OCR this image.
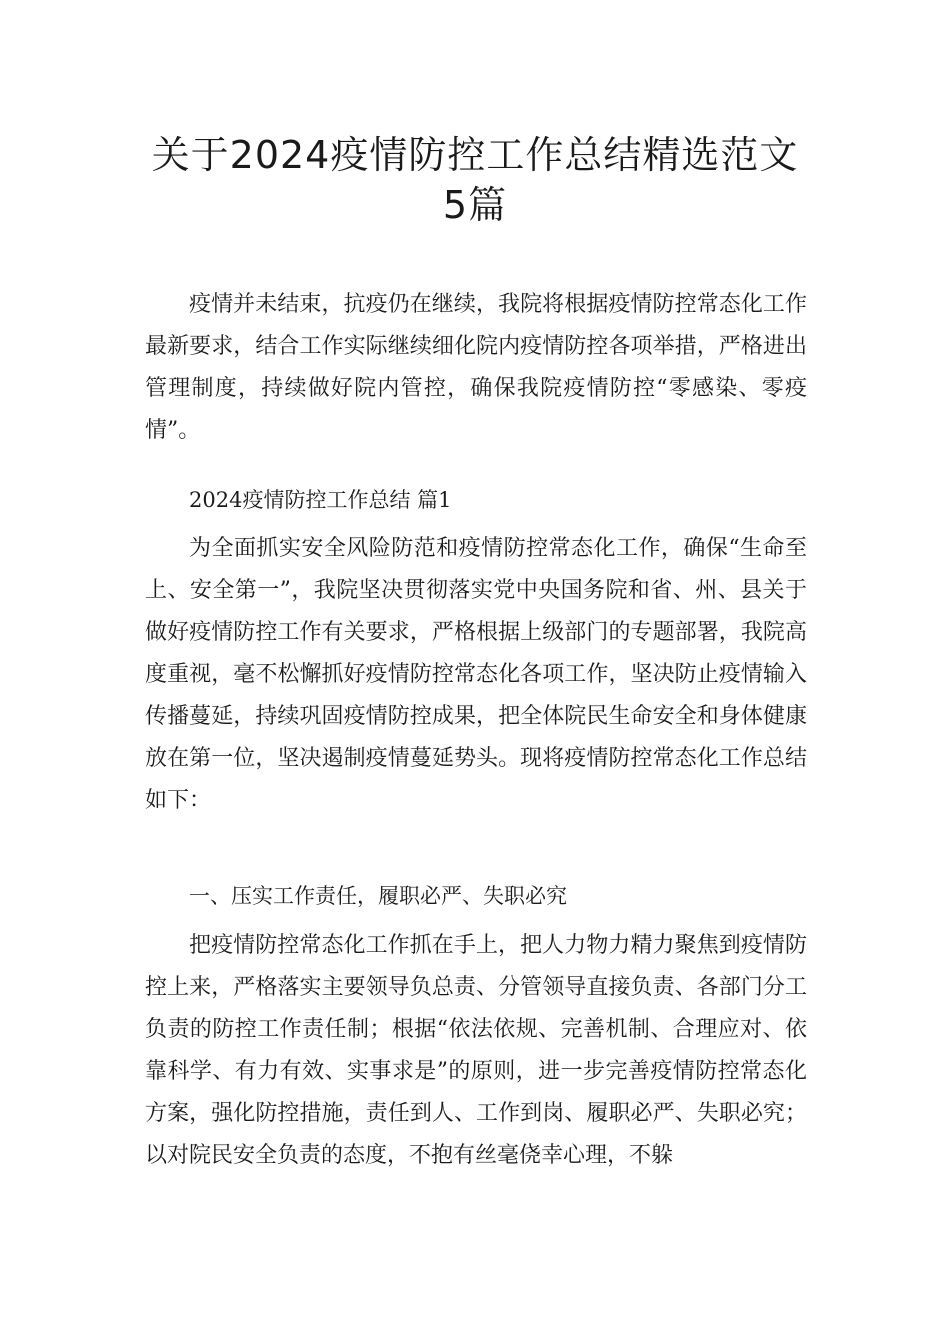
关于2024疫情防控工作总结精选范文5篇

疫情并未结束，抗疫仍在继续，我院将根据疫情防控常态化工作最新要求，结合工作实际继续细化院内疫情防控各项举措，严格进出管理制度，持续做好院内管控，确保我院疫情防控“零感染、零疫情”。

2024疫情防控工作总结 篇1

为全面抓实安全风险防范和疫情防控常态化工作，确保“生命至上、安全第一”，我院坚决贯彻落实党中央国务院和省、州、县关于做好疫情防控工作有关要求，严格根据上级部门的专题部署，我院高度重视，毫不松懈抓好疫情防控常态化各项工作，坚决防止疫情输入传播蔓延，持续巩固疫情防控成果，把全体院民生命安全和身体健康放在第一位，坚决遏制疫情蔓延势头。现将疫情防控常态化工作总结如下：

一、压实工作责任，履职必严、失职必究

把疫情防控常态化工作抓在手上，把人力物力精力聚焦到疫情防控上来，严格落实主要领导负总责、分管领导直接负责、各部门分工负责的防控工作责任制；根据“依法依规、完善机制、合理应对、依靠科学、有力有效、实事求是”的原则，进一步完善疫情防控常态化方案，强化防控措施，责任到人、工作到岗、履职必严、失职必究；以对院民安全负责的态度，不抱有丝毫侥幸心理，不躲
